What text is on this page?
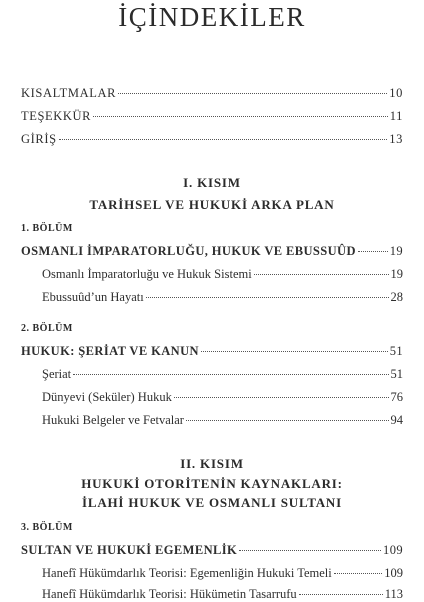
İÇİNDEKİLER
KISALTMALAR	10
TEŞEKKÜR	11
GİRİŞ	13
I. KISIM
TARİHSEL VE HUKUKİ ARKA PLAN
1. BÖLÜM
OSMANLI İMPARATORLUĞU, HUKUK VE EBUSSUÛD	19
Osmanlı İmparatorluğu ve Hukuk Sistemi	19
Ebussuûd’un Hayatı	28
2. BÖLÜM
HUKUK: ŞERİAT VE KANUN	51
Şeriat	51
Dünyevi (Seküler) Hukuk	76
Hukuki Belgeler ve Fetvalar	94
II. KISIM
HUKUKİ OTORİTENİN KAYNAKLARI:
İLAHİ HUKUK VE OSMANLI SULTANI
3. BÖLÜM
SULTAN VE HUKUKİ EGEMENLİK	109
Hanefî Hükümdarlık Teorisi: Egemenliğin Hukuki Temeli	109
Hanefî Hükümdarlık Teorisi: Hükümetin Tasarrufu	113
